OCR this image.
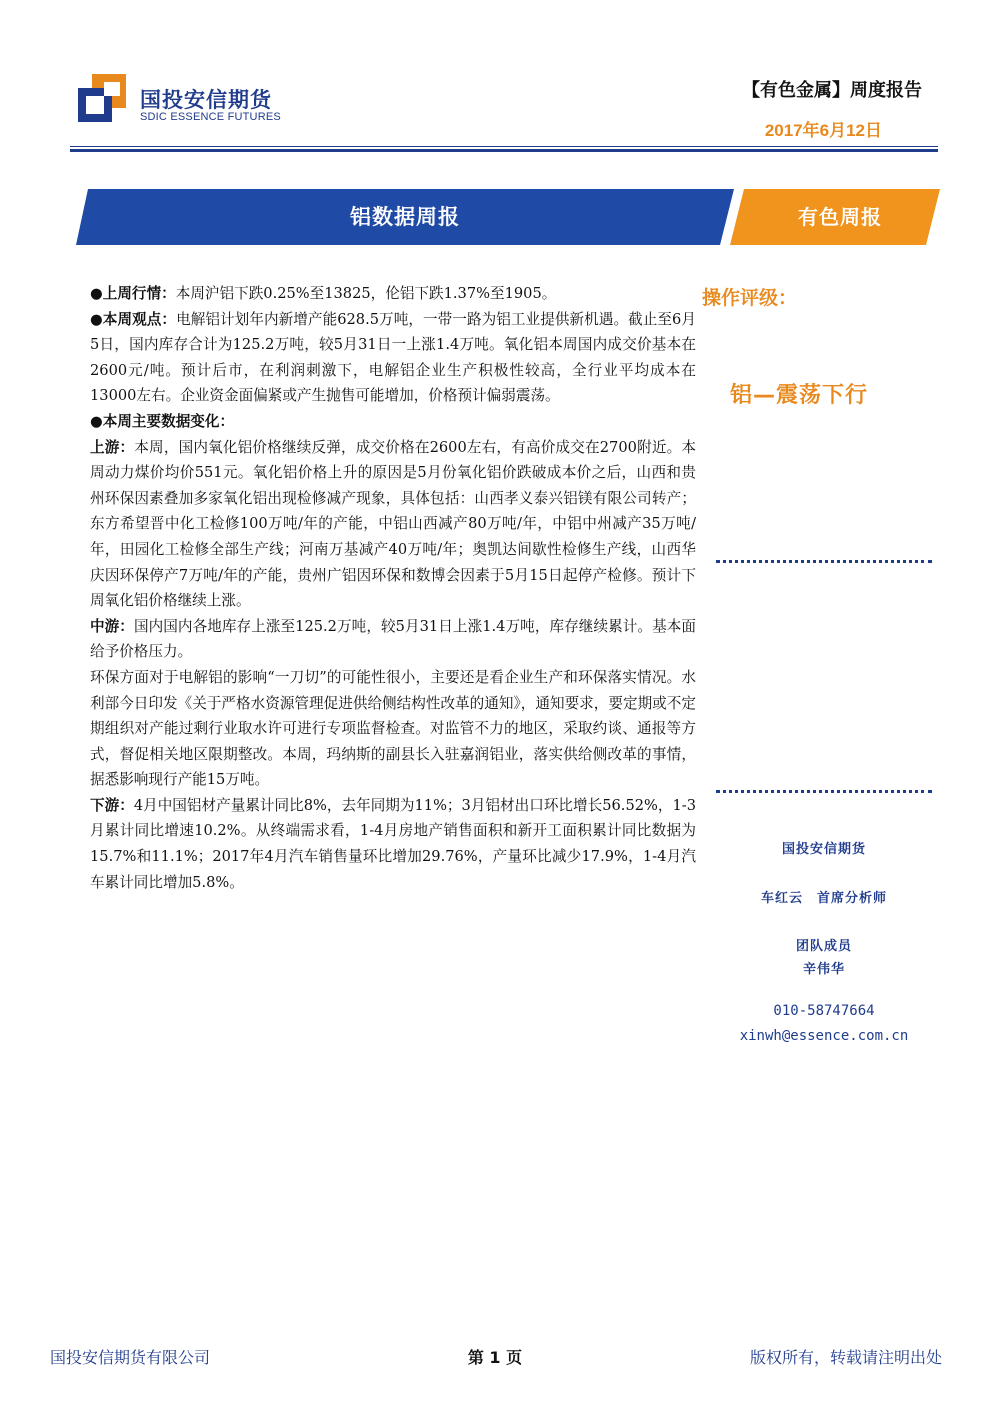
国投安信期货
SDIC ESSENCE FUTURES
【有色金属】周度报告
2017年6月12日
铝数据周报	有色周报

●上周行情：本周沪铝下跌0.25%至13825，伦铝下跌1.37%至1905。

●本周观点：电解铝计划年内新增产能628.5万吨，一带一路为铝工业提供新机遇。截止至6月5日，国内库存合计为125.2万吨，较5月31日一上涨1.4万吨。氧化铝本周国内成交价基本在2600元/吨。预计后市，在利润刺激下，电解铝企业生产积极性较高，全行业平均成本在13000左右。企业资金面偏紧或产生抛售可能增加，价格预计偏弱震荡。

●本周主要数据变化：

上游：本周，国内氧化铝价格继续反弹，成交价格在2600左右，有高价成交在2700附近。本周动力煤价均价551元。氧化铝价格上升的原因是5月份氧化铝价跌破成本价之后，山西和贵州环保因素叠加多家氧化铝出现检修减产现象，具体包括：山西孝义泰兴铝镁有限公司转产；东方希望晋中化工检修100万吨/年的产能，中铝山西减产80万吨/年，中铝中州减产35万吨/年，田园化工检修全部生产线；河南万基减产40万吨/年；奥凯达间歇性检修生产线，山西华庆因环保停产7万吨/年的产能，贵州广铝因环保和数博会因素于5月15日起停产检修。预计下周氧化铝价格继续上涨。

中游：国内国内各地库存上涨至125.2万吨，较5月31日上涨1.4万吨，库存继续累计。基本面给予价格压力。

环保方面对于电解铝的影响“一刀切”的可能性很小，主要还是看企业生产和环保落实情况。水利部今日印发《关于严格水资源管理促进供给侧结构性改革的通知》，通知要求，要定期或不定期组织对产能过剩行业取水许可进行专项监督检查。对监管不力的地区，采取约谈、通报等方式，督促相关地区限期整改。本周，玛纳斯的副县长入驻嘉润铝业，落实供给侧改革的事情，据悉影响现行产能15万吨。

下游：4月中国铝材产量累计同比8%，去年同期为11%；3月铝材出口环比增长56.52%，1-3月累计同比增速10.2%。从终端需求看，1-4月房地产销售面积和新开工面积累计同比数据为15.7%和11.1%；2017年4月汽车销售量环比增加29.76%，产量环比减少17.9%，1-4月汽车累计同比增加5.8%。

操作评级：
铝—震荡下行
国投安信期货
车红云　首席分析师
团队成员
辛伟华
010-58747664
xinwh@essence.com.cn
国投安信期货有限公司	第 1 页	版权所有，转载请注明出处
